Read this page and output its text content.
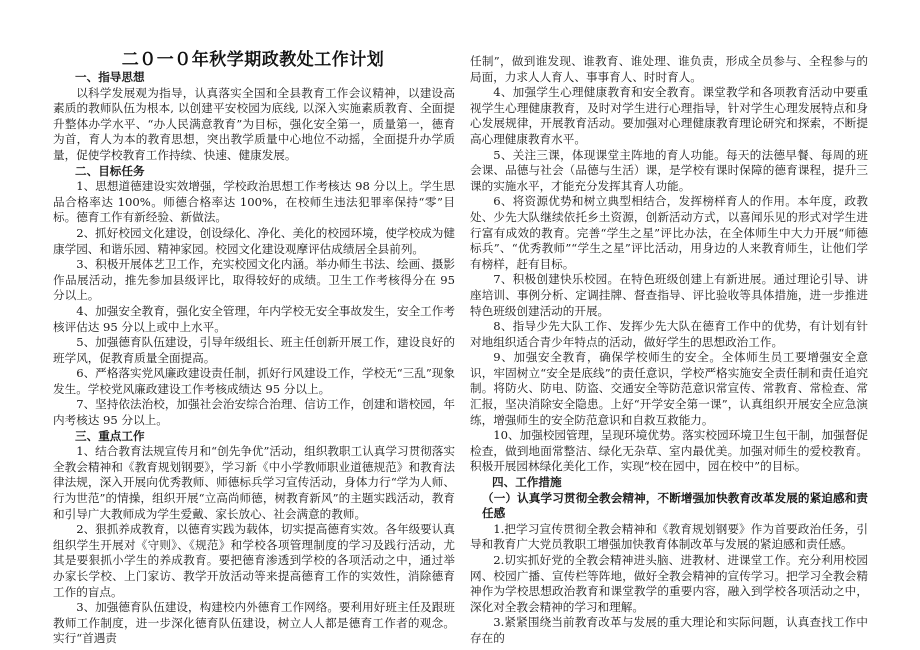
二０一０年秋学期政教处工作计划

一、指导思想

以科学发展观为指导，认真落实全国和全县教育工作会议精神，以建设高素质的教师队伍为根本, 以创建平安校园为底线, 以深入实施素质教育、全面提升整体办学水平、“办人民满意教育”为目标，强化安全第一，质量第一，德育为首，育人为本的教育思想，突出教学质量中心地位不动摇，全面提升办学质量，促使学校教育工作持续、快速、健康发展。

二、目标任务

1、思想道德建设实效增强，学校政治思想工作考核达 98 分以上。学生思品合格率达 100%。师德合格率达 100%，在校师生违法犯罪率保持“零”目标。德育工作有新经验、新做法。

2、抓好校园文化建设，创设绿化、净化、美化的校园环境，使学校成为健康学园、和谐乐园、精神家园。校园文化建设观摩评估成绩居全县前列。

3、积极开展体艺卫工作，充实校园文化内涵。举办师生书法、绘画、摄影作品展活动，推先参加县级评比，取得较好的成绩。卫生工作考核得分在 95 分以上。

4、加强安全教育，强化安全管理，年内学校无安全事故发生，安全工作考核评估达 95 分以上或中上水平。

5、加强德育队伍建设，引导年级组长、班主任创新开展工作，建设良好的班学风，促教育质量全面提高。

6、严格落实党风廉政建设责任制，抓好行风建设工作，学校无“三乱”现象发生。学校党风廉政建设工作考核成绩达 95 分以上。

7、坚持依法治校，加强社会治安综合治理、信访工作，创建和谐校园，年内考核达 95 分以上。

三、重点工作

1、结合教育法规宣传月和“创先争优”活动，组织教职工认真学习贯彻落实全教会精神和《教育规划钢要》，学习新《中小学教师职业道德规范》和教育法律法规，深入开展向优秀教师、师德标兵学习宣传活动，身体力行“学为人师、行为世范”的情操，组织开展“立高尚师德，树教育新风”的主题实践活动，教育和引导广大教师成为学生爱戴、家长放心、社会满意的教师。

2、狠抓养成教育，以德育实践为载体，切实提高德育实效。各年级要认真组织学生开展对《守则》、《规范》和学校各项管理制度的学习及践行活动，尤其是要狠抓小学生的养成教育。要把德育渗透到学校的各项活动之中，通过举办家长学校、上门家访、教学开放活动等来提高德育工作的实效性，消除德育工作的盲点。

3、加强德育队伍建设，构建校内外德育工作网络。要利用好班主任及跟班教师工作制度，进一步深化德育队伍建设，树立人人都是德育工作者的观念。实行“首遇责

任制”，做到谁发现、谁教育、谁处理、谁负责，形成全员参与、全程参与的局面，力求人人育人、事事育人、时时育人。

4、加强学生心理健康教育和安全教育。课堂教学和各项教育活动中要重视学生心理健康教育，及时对学生进行心理指导，针对学生心理发展特点和身心发展规律，开展教育活动。要加强对心理健康教育理论研究和探索，不断提高心理健康教育水平。

5、关注三课，体现课堂主阵地的育人功能。每天的法德早餐、每周的班会课、品德与社会（品德与生活）课，是学校有课时保障的德育课程，提升三课的实施水平，才能充分发挥其育人功能。

6、将资源优势和树立典型相结合，发挥榜样育人的作用。本年度，政教处、少先大队继续依托乡土资源，创新活动方式，以喜闻乐见的形式对学生进行富有成效的教育。完善“学生之星”评比办法，在全体师生中大力开展“师德标兵”、“优秀教师”“学生之星”评比活动，用身边的人来教育师生，让他们学有榜样，赶有目标。

7、积极创建快乐校园。在特色班级创建上有新进展。通过理论引导、讲座培训、事例分析、定调挂牌、督查指导、评比验收等具体措施，进一步推进特色班级创建活动的开展。

8、指导少先大队工作、发挥少先大队在德育工作中的优势，有计划有针对地组织适合青少年特点的活动，做好学生的思想政治工作。

9、加强安全教育，确保学校师生的安全。全体师生员工要增强安全意识，牢固树立“安全是底线”的责任意识，学校严格实施安全责任制和责任追究制。将防火、防电、防盗、交通安全等防范意识常宣传、常教育、常检查、常汇报，坚决消除安全隐患。上好“开学安全第一课”，认真组织开展安全应急演练，增强师生的安全防范意识和自救互救能力。

10、加强校园管理，呈现环境优势。落实校园环境卫生包干制，加强督促检查，做到地面常整洁、绿化无杂草、室内最优美。加强对师生的爱校教育。积极开展园林绿化美化工作，实现“校在园中，园在校中”的目标。

四、工作措施

（一）认真学习贯彻全教会精神，不断增强加快教育改革发展的紧迫感和责任感

1.把学习宣传贯彻全教会精神和《教育规划钢要》作为首要政治任务，引导和教育广大党员教职工增强加快教育体制改革与发展的紧迫感和责任感。

2.切实抓好党的全教会精神进头脑、进教材、进课堂工作。充分利用校园网、校园广播、宣传栏等阵地，做好全教会精神的宣传学习。把学习全教会精神作为学校思想政治教育和课堂教学的重要内容，融入到学校各项活动之中，深化对全教会精神的学习和理解。

3.紧紧围绕当前教育改革与发展的重大理论和实际问题，认真查找工作中存在的
